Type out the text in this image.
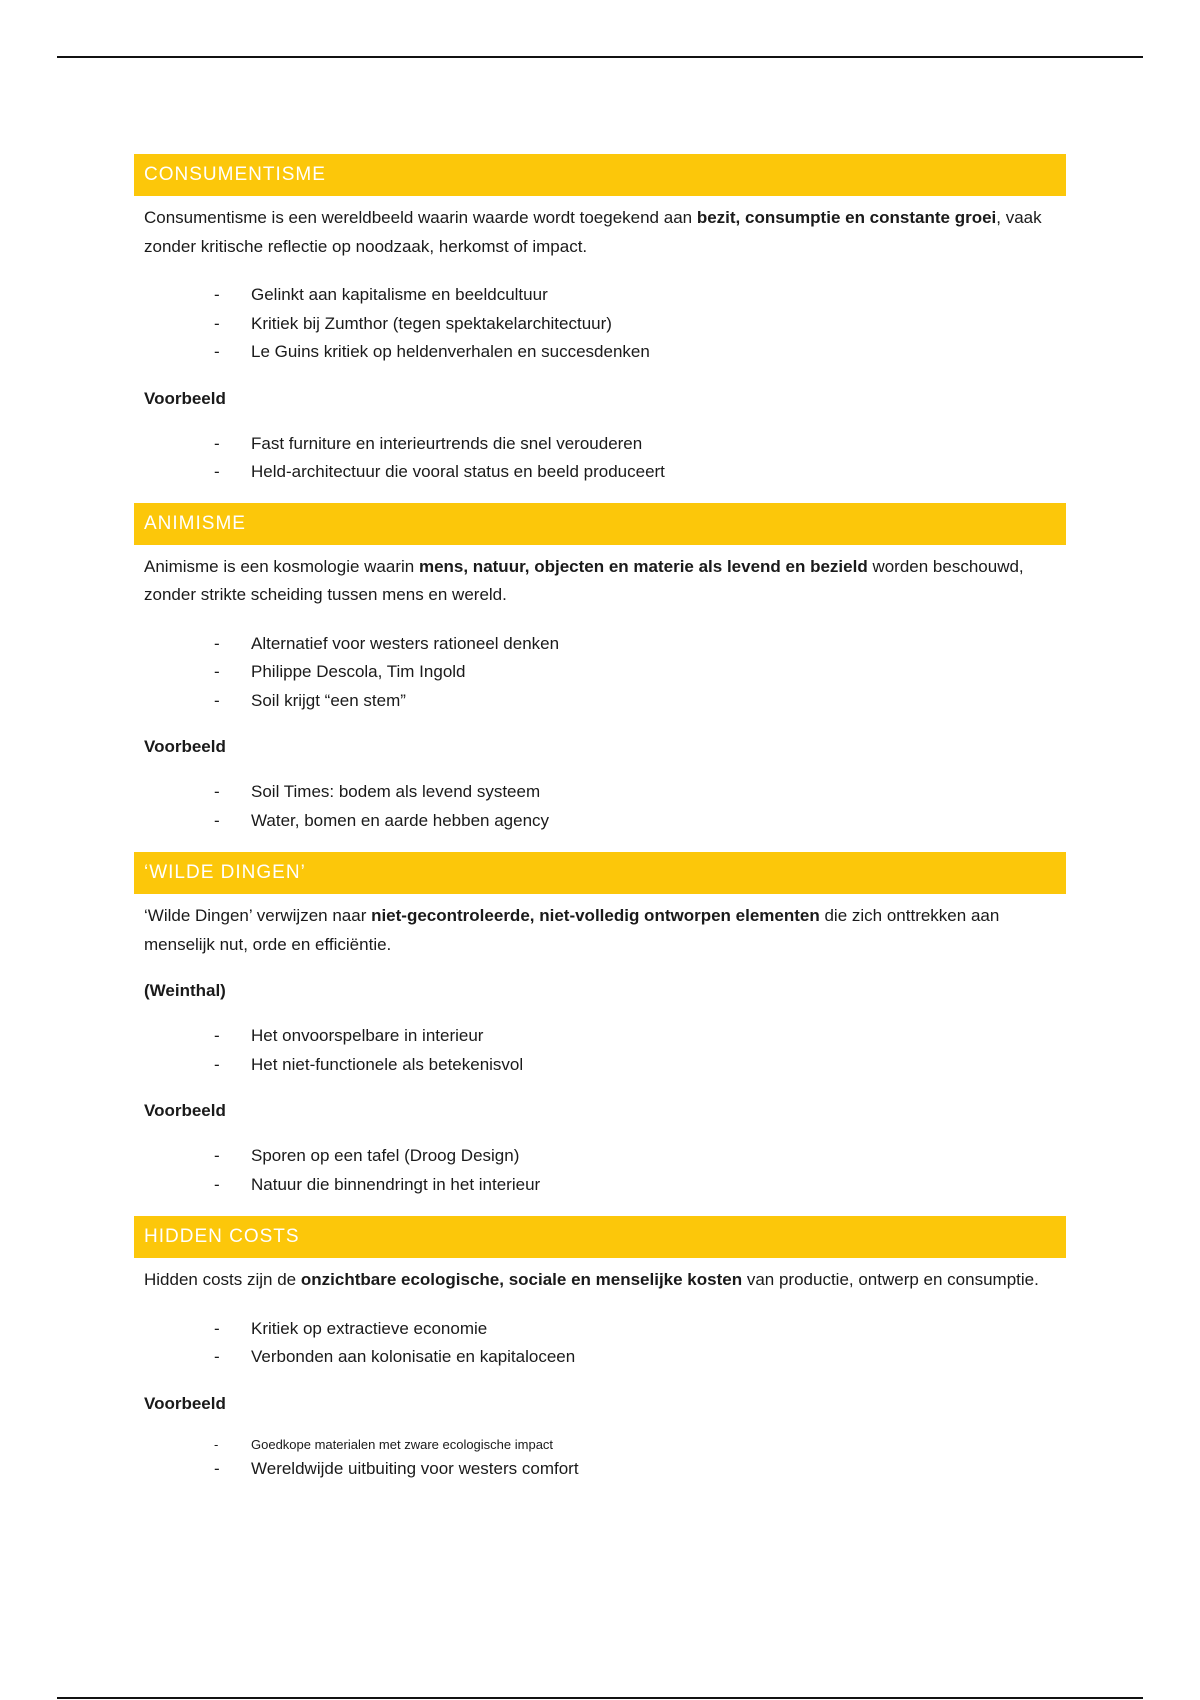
CONSUMENTISME

Consumentisme is een wereldbeeld waarin waarde wordt toegekend aan bezit, consumptie en constante groei, vaak zonder kritische reflectie op noodzaak, herkomst of impact.

- Gelinkt aan kapitalisme en beeldcultuur
- Kritiek bij Zumthor (tegen spektakelarchitectuur)
- Le Guins kritiek op heldenverhalen en succesdenken
Voorbeeld
- Fast furniture en interieurtrends die snel verouderen
- Held-architectuur die vooral status en beeld produceert
ANIMISME

Animisme is een kosmologie waarin mens, natuur, objecten en materie als levend en bezield worden beschouwd, zonder strikte scheiding tussen mens en wereld.

- Alternatief voor westers rationeel denken
- Philippe Descola, Tim Ingold
- Soil krijgt “een stem”
Voorbeeld
- Soil Times: bodem als levend systeem
- Water, bomen en aarde hebben agency
‘WILDE DINGEN’

‘Wilde Dingen’ verwijzen naar niet-gecontroleerde, niet-volledig ontworpen elementen die zich onttrekken aan menselijk nut, orde en efficiëntie.

(Weinthal)
- Het onvoorspelbare in interieur
- Het niet-functionele als betekenisvol
Voorbeeld
- Sporen op een tafel (Droog Design)
- Natuur die binnendringt in het interieur
HIDDEN COSTS

Hidden costs zijn de onzichtbare ecologische, sociale en menselijke kosten van productie, ontwerp en consumptie.

- Kritiek op extractieve economie
- Verbonden aan kolonisatie en kapitaloceen
Voorbeeld
-	Goedkope materialen met zware ecologische impact
- Wereldwijde uitbuiting voor westers comfort
